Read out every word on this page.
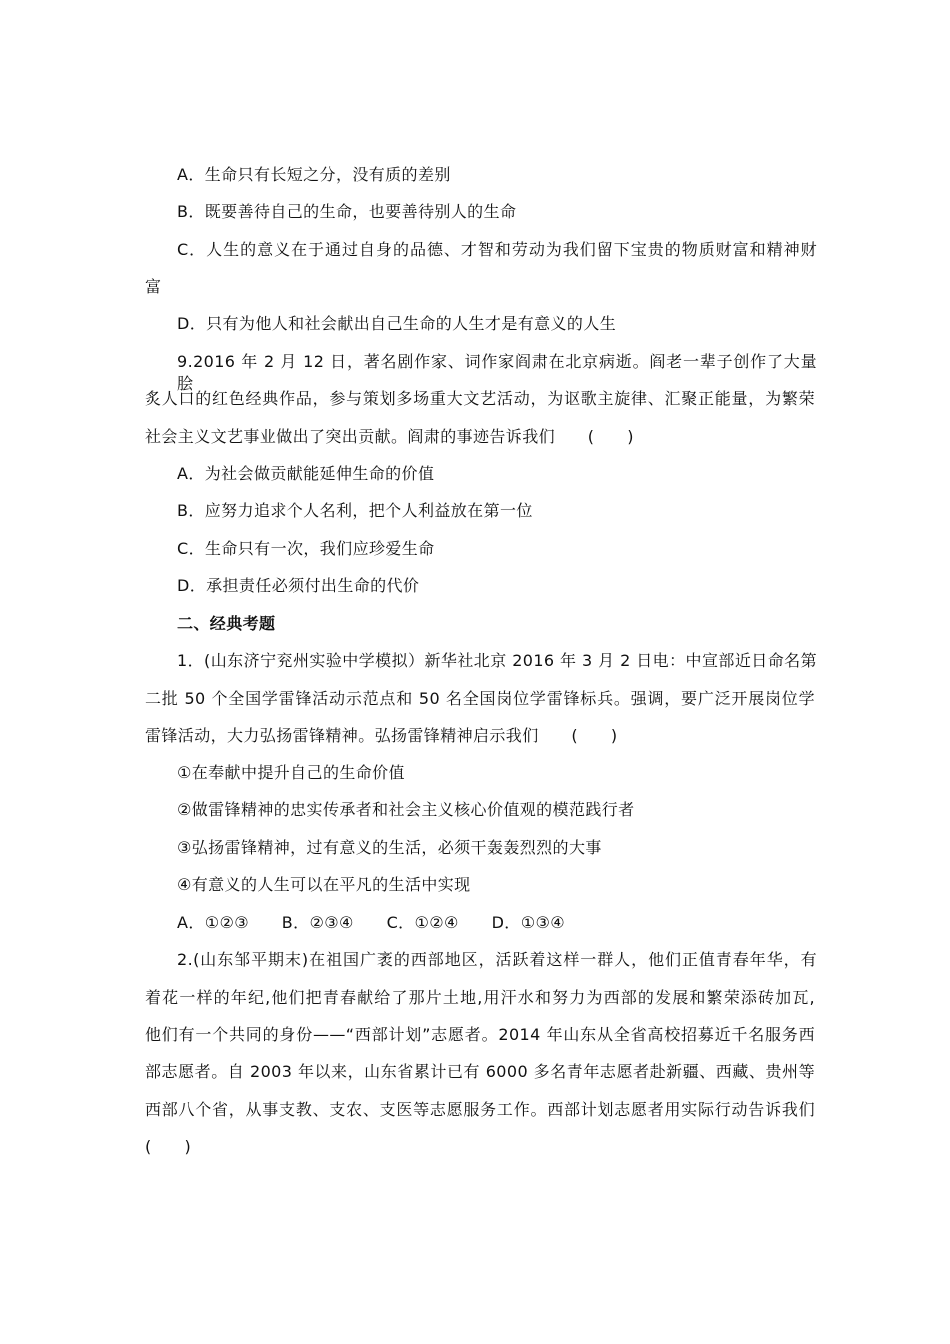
A．生命只有长短之分，没有质的差别
B．既要善待自己的生命，也要善待别人的生命
C．人生的意义在于通过自身的品德、才智和劳动为我们留下宝贵的物质财富和精神财
富
D．只有为他人和社会献出自己生命的人生才是有意义的人生
9.2016 年 2 月 12 日，著名剧作家、词作家阎肃在北京病逝。阎老一辈子创作了大量脍
炙人口的红色经典作品，参与策划多场重大文艺活动，为讴歌主旋律、汇聚正能量，为繁荣
社会主义文艺事业做出了突出贡献。阎肃的事迹告诉我们　　(　　)
A．为社会做贡献能延伸生命的价值
B．应努力追求个人名利，把个人利益放在第一位
C．生命只有一次，我们应珍爱生命
D．承担责任必须付出生命的代价
二、经典考题
1．(山东济宁兖州实验中学模拟）新华社北京 2016 年 3 月 2 日电：中宣部近日命名第
二批 50 个全国学雷锋活动示范点和 50 名全国岗位学雷锋标兵。强调，要广泛开展岗位学
雷锋活动，大力弘扬雷锋精神。弘扬雷锋精神启示我们　　(　　)
①在奉献中提升自己的生命价值
②做雷锋精神的忠实传承者和社会主义核心价值观的模范践行者
③弘扬雷锋精神，过有意义的生活，必须干轰轰烈烈的大事
④有意义的人生可以在平凡的生活中实现
A．①②③　　B．②③④　　C．①②④　　D．①③④
2.(山东邹平期末)在祖国广袤的西部地区，活跃着这样一群人，他们正值青春年华，有
着花一样的年纪,他们把青春献给了那片土地,用汗水和努力为西部的发展和繁荣添砖加瓦,
他们有一个共同的身份——“西部计划”志愿者。2014 年山东从全省高校招募近千名服务西
部志愿者。自 2003 年以来，山东省累计已有 6000 多名青年志愿者赴新疆、西藏、贵州等
西部八个省，从事支教、支农、支医等志愿服务工作。西部计划志愿者用实际行动告诉我们
(　　)
